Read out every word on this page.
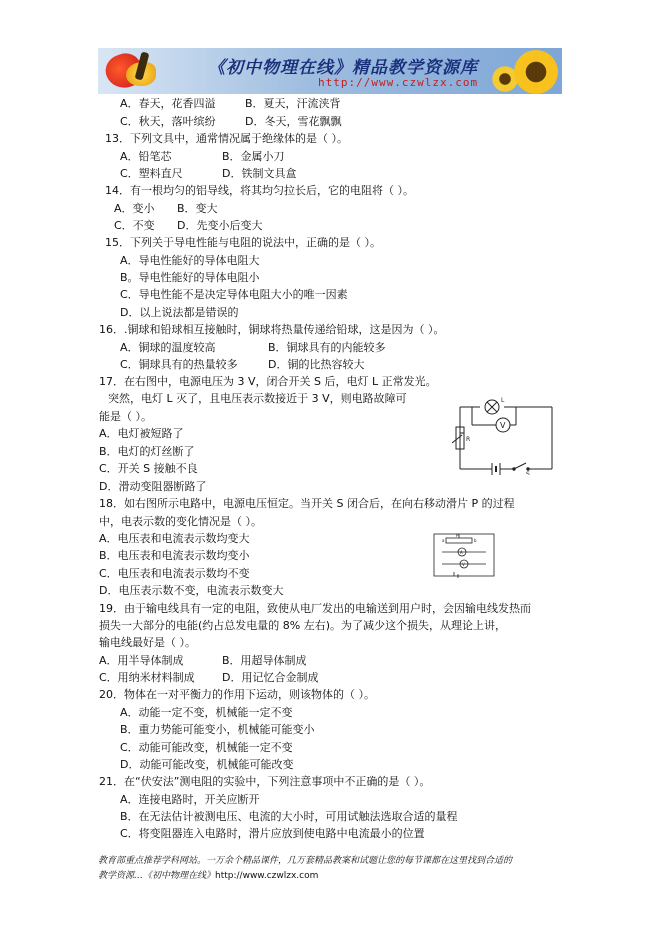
《初中物理在线》精品教学资源库
http://www.czwlzx.com
A．春天，花香四溢	B．夏天，汗流浃背
C．秋天，落叶缤纷	D．冬天，雪花飘飘
13．下列文具中，通常情况属于绝缘体的是（ ）。
A．铅笔芯	B．金属小刀
C．塑料直尺	D．铁制文具盒
14．有一根均匀的铝导线，将其均匀拉长后，它的电阻将（ ）。
A．变小 B．变大
C．不变 D．先变小后变大
15．下列关于导电性能与电阻的说法中，正确的是（ ）。
A．导电性能好的导体电阻大
B。导电性能好的导体电阻小
C．导电性能不是决定导体电阻大小的唯一因素
D．以上说法都是错误的
16．.铜球和铅球相互接触时，铜球将热量传递给铅球，这是因为（ ）。
A．铜球的温度较高	B．铜球具有的内能较多
C．铜球具有的热量较多	D．铜的比热容较大
17．在右图中，电源电压为 3 V，闭合开关 S 后，电灯 L 正常发光。
突然，电灯 L 灭了，且电压表示数接近于 3 V，则电路故障可
能是（ ）。
A．电灯被短路了
B．电灯的灯丝断了
C．开关 S 接触不良
D．滑动变阻器断路了
18．如右图所示电路中，电源电压恒定。当开关 S 闭合后，在向右移动滑片 P 的过程
中，电表示数的变化情况是（ ）。
A．电压表和电流表示数均变大
B．电压表和电流表示数均变小
C．电压表和电流表示数均不变
D．电压表示数不变，电流表示数变大
19．由于输电线具有一定的电阻，致使从电厂发出的电输送到用户时，会因输电线发热而
损失一大部分的电能(约占总发电量的 8% 左右)。为了减少这个损失，从理论上讲，
输电线最好是（ ）。
A．用半导体制成	B．用超导体制成
C．用纳米材料制成 D．用记忆合金制成
20．物体在一对平衡力的作用下运动，则该物体的（ ）。
A．动能一定不变，机械能一定不变
B．重力势能可能变小，机械能可能变小
C．动能可能改变，机械能一定不变
D．动能可能改变，机械能可能改变
21．在“伏安法”测电阻的实验中，下列注意事项中不正确的是（ ）。
A．连接电路时，开关应断开
B．在无法估计被测电压、电流的大小时，可用试触法选取合适的量程
C．将变阻器连入电路时，滑片应放到使电路中电流最小的位置
V
L
R
S
P
a	b
A
V
教育部重点推荐学科网站。一万余个精品课件，几万套精品教案和试题让您的每节课都在这里找到合适的
教学资源…《初中物理在线》http://www.czwlzx.com
